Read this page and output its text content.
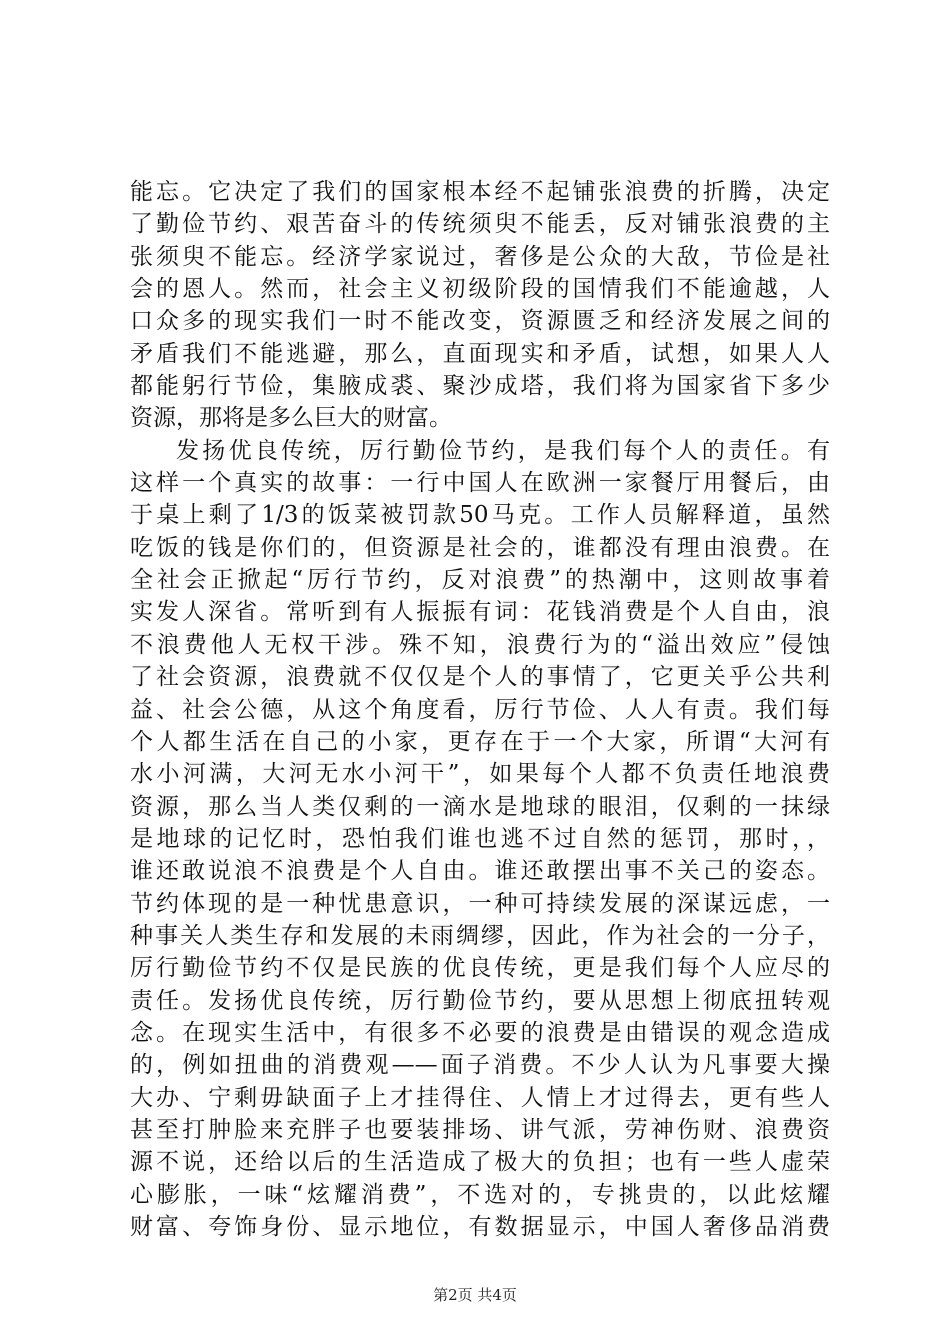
能忘。它决定了我们的国家根本经不起铺张浪费的折腾，决定
了勤俭节约、艰苦奋斗的传统须臾不能丢，反对铺张浪费的主
张须臾不能忘。经济学家说过，奢侈是公众的大敌，节俭是社
会的恩人。然而，社会主义初级阶段的国情我们不能逾越，人
口众多的现实我们一时不能改变，资源匮乏和经济发展之间的
矛盾我们不能逃避，那么，直面现实和矛盾，试想，如果人人
都能躬行节俭，集腋成裘、聚沙成塔，我们将为国家省下多少
资源，那将是多么巨大的财富。
发扬优良传统，厉行勤俭节约，是我们每个人的责任。有
这样一个真实的故事：一行中国人在欧洲一家餐厅用餐后，由
于桌上剩了1/3的饭菜被罚款50马克。工作人员解释道，虽然
吃饭的钱是你们的，但资源是社会的，谁都没有理由浪费。在
全社会正掀起“厉行节约，反对浪费”的热潮中，这则故事着
实发人深省。常听到有人振振有词：花钱消费是个人自由，浪
不浪费他人无权干涉。殊不知，浪费行为的“溢出效应”侵蚀
了社会资源，浪费就不仅仅是个人的事情了，它更关乎公共利
益、社会公德，从这个角度看，厉行节俭、人人有责。我们每
个人都生活在自己的小家，更存在于一个大家，所谓“大河有
水小河满，大河无水小河干”，如果每个人都不负责任地浪费
资源，那么当人类仅剩的一滴水是地球的眼泪，仅剩的一抹绿
是地球的记忆时，恐怕我们谁也逃不过自然的惩罚，那时，，
谁还敢说浪不浪费是个人自由。谁还敢摆出事不关己的姿态。
节约体现的是一种忧患意识，一种可持续发展的深谋远虑，一
种事关人类生存和发展的未雨绸缪，因此，作为社会的一分子，
厉行勤俭节约不仅是民族的优良传统，更是我们每个人应尽的
责任。发扬优良传统，厉行勤俭节约，要从思想上彻底扭转观
念。在现实生活中，有很多不必要的浪费是由错误的观念造成
的，例如扭曲的消费观——面子消费。不少人认为凡事要大操
大办、宁剩毋缺面子上才挂得住、人情上才过得去，更有些人
甚至打肿脸来充胖子也要装排场、讲气派，劳神伤财、浪费资
源不说，还给以后的生活造成了极大的负担；也有一些人虚荣
心膨胀，一味“炫耀消费”，不选对的，专挑贵的，以此炫耀
财富、夸饰身份、显示地位，有数据显示，中国人奢侈品消费
第2页 共4页
